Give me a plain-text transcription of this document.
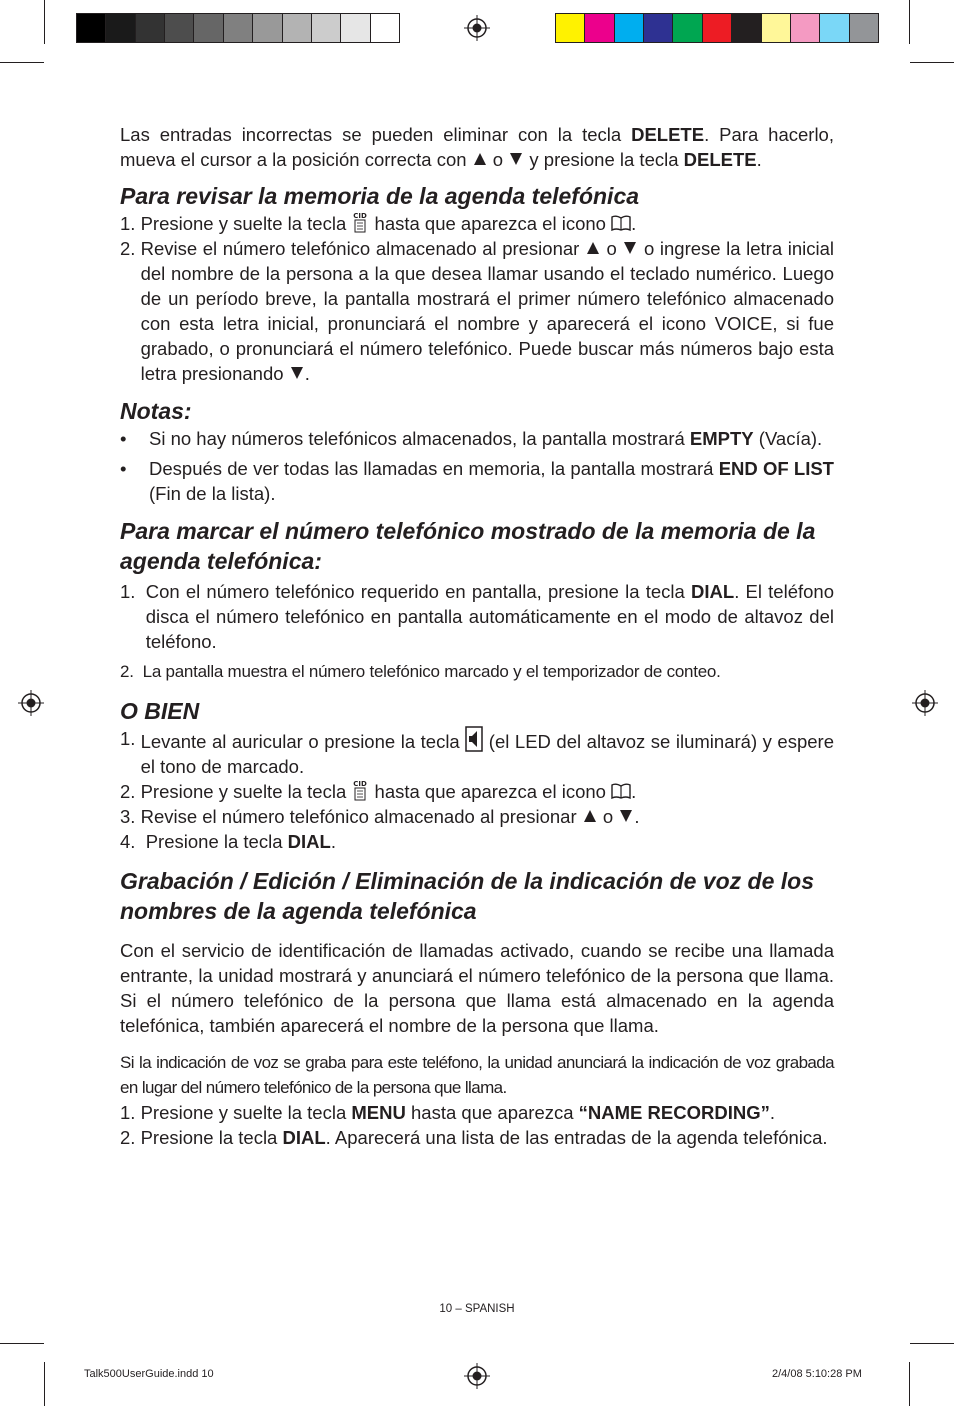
Las entradas incorrectas se pueden eliminar con la tecla DELETE. Para hacerlo, mueva el cursor a la posición correcta con  o  y presione la tecla DELETE.

Para revisar la memoria de la agenda telefónica
1. Presione y suelte la tecla CID hasta que aparezca el icono .
2. Revise el número telefónico almacenado al presionar  o  o ingrese la letra inicial del nombre de la persona a la que desea llamar usando el teclado numérico. Luego de un período breve, la pantalla mostrará el primer número telefónico almacenado con esta letra inicial, pronunciará el nombre y aparecerá el icono VOICE, si fue grabado, o pronunciará el número telefónico. Puede buscar más números bajo esta letra presionando .
Notas:
•	Si no hay números telefónicos almacenados, la pantalla mostrará EMPTY (Vacía).
•	Después de ver todas las llamadas en memoria, la pantalla mostrará END OF LIST (Fin de la lista).
Para marcar el número telefónico mostrado de la memoria de la agenda telefónica:
1. Con el número telefónico requerido en pantalla, presione la tecla DIAL. El teléfono disca el número telefónico en pantalla automáticamente en el modo de altavoz del teléfono.
2. La pantalla muestra el número telefónico marcado y el temporizador de conteo.
O BIEN
1. Levante al auricular o presione la tecla  (el LED del altavoz se iluminará) y espere el tono de marcado.
2. Presione y suelte la tecla CID hasta que aparezca el icono .
3. Revise el número telefónico almacenado al presionar  o .
4. Presione la tecla DIAL.
Grabación / Edición / Eliminación de la indicación de voz de los nombres de la agenda telefónica

Con el servicio de identificación de llamadas activado, cuando se recibe una llamada entrante, la unidad mostrará y anunciará el número telefónico de la persona que llama. Si el número telefónico de la persona que llama está almacenado en la agenda telefónica, también aparecerá el nombre de la persona que llama.

Si la indicación de voz se graba para este teléfono, la unidad anunciará la indicación de voz grabada en lugar del número telefónico de la persona que llama.

1. Presione y suelte la tecla MENU hasta que aparezca “NAME RECORDING”.
2. Presione la tecla DIAL. Aparecerá una lista de las entradas de la agenda telefónica.
10 – SPANISH
Talk500UserGuide.indd 10	2/4/08 5:10:28 PM
